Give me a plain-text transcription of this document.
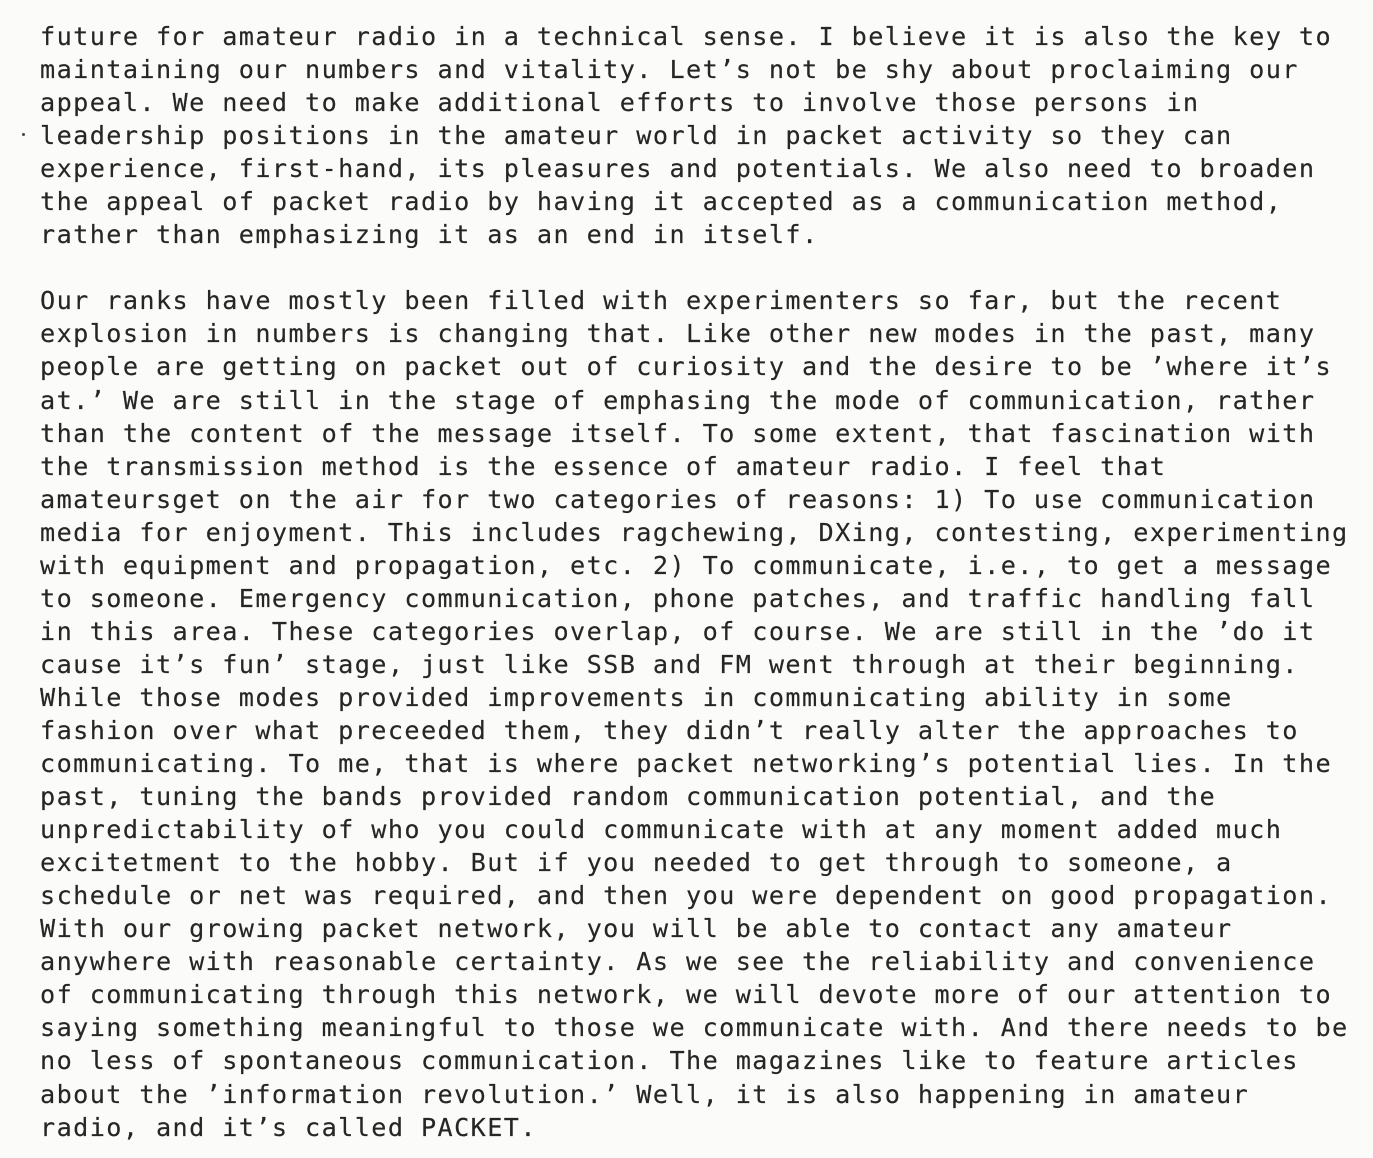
future for amateur radio in a technical sense. I believe it is also the key to
maintaining our numbers and vitality. Let’s not be shy about proclaiming our
appeal. We need to make additional efforts to involve those persons in
leadership positions in the amateur world in packet activity so they can
experience, first-hand, its pleasures and potentials. We also need to broaden
the appeal of packet radio by having it accepted as a communication method,
rather than emphasizing it as an end in itself.
Our ranks have mostly been filled with experimenters so far, but the recent
explosion in numbers is changing that. Like other new modes in the past, many
people are getting on packet out of curiosity and the desire to be ’where it’s
at.’ We are still in the stage of emphasing the mode of communication, rather
than the content of the message itself. To some extent, that fascination with
the transmission method is the essence of amateur radio. I feel that
amateursget on the air for two categories of reasons: 1) To use communication
media for enjoyment. This includes ragchewing, DXing, contesting, experimenting
with equipment and propagation, etc. 2) To communicate, i.e., to get a message
to someone. Emergency communication, phone patches, and traffic handling fall
in this area. These categories overlap, of course. We are still in the ’do it
cause it’s fun’ stage, just like SSB and FM went through at their beginning.
While those modes provided improvements in communicating ability in some
fashion over what preceeded them, they didn’t really alter the approaches to
communicating. To me, that is where packet networking’s potential lies. In the
past, tuning the bands provided random communication potential, and the
unpredictability of who you could communicate with at any moment added much
excitetment to the hobby. But if you needed to get through to someone, a
schedule or net was required, and then you were dependent on good propagation.
With our growing packet network, you will be able to contact any amateur
anywhere with reasonable certainty. As we see the reliability and convenience
of communicating through this network, we will devote more of our attention to
saying something meaningful to those we communicate with. And there needs to be
no less of spontaneous communication. The magazines like to feature articles
about the ’information revolution.’ Well, it is also happening in amateur
radio, and it’s called PACKET.
